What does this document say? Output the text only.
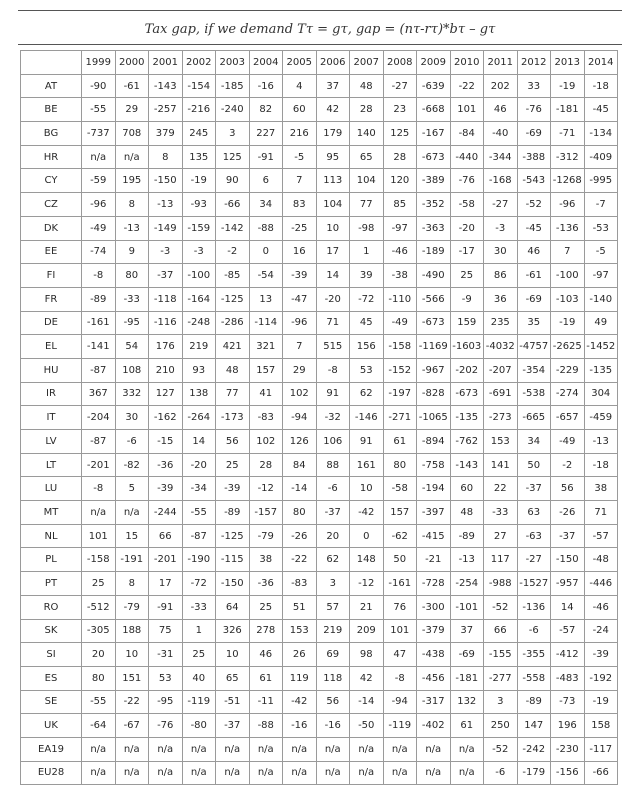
Tax gap, if we demand Ττ = gτ, gap = (nτ-rτ)*bτ – gτ
	1999	2000	2001	2002	2003	2004	2005	2006	2007	2008	2009	2010	2011	2012	2013	2014
AT	-90	-61	-143	-154	-185	-16	4	37	48	-27	-639	-22	202	33	-19	-18
BE	-55	29	-257	-216	-240	82	60	42	28	23	-668	101	46	-76	-181	-45
BG	-737	708	379	245	3	227	216	179	140	125	-167	-84	-40	-69	-71	-134
HR	n/a	n/a	8	135	125	-91	-5	95	65	28	-673	-440	-344	-388	-312	-409
CY	-59	195	-150	-19	90	6	7	113	104	120	-389	-76	-168	-543	-1268	-995
CZ	-96	8	-13	-93	-66	34	83	104	77	85	-352	-58	-27	-52	-96	-7
DK	-49	-13	-149	-159	-142	-88	-25	10	-98	-97	-363	-20	-3	-45	-136	-53
EE	-74	9	-3	-3	-2	0	16	17	1	-46	-189	-17	30	46	7	-5
FI	-8	80	-37	-100	-85	-54	-39	14	39	-38	-490	25	86	-61	-100	-97
FR	-89	-33	-118	-164	-125	13	-47	-20	-72	-110	-566	-9	36	-69	-103	-140
DE	-161	-95	-116	-248	-286	-114	-96	71	45	-49	-673	159	235	35	-19	49
EL	-141	54	176	219	421	321	7	515	156	-158	-1169	-1603	-4032	-4757	-2625	-1452
HU	-87	108	210	93	48	157	29	-8	53	-152	-967	-202	-207	-354	-229	-135
IR	367	332	127	138	77	41	102	91	62	-197	-828	-673	-691	-538	-274	304
IT	-204	30	-162	-264	-173	-83	-94	-32	-146	-271	-1065	-135	-273	-665	-657	-459
LV	-87	-6	-15	14	56	102	126	106	91	61	-894	-762	153	34	-49	-13
LT	-201	-82	-36	-20	25	28	84	88	161	80	-758	-143	141	50	-2	-18
LU	-8	5	-39	-34	-39	-12	-14	-6	10	-58	-194	60	22	-37	56	38
MT	n/a	n/a	-244	-55	-89	-157	80	-37	-42	157	-397	48	-33	63	-26	71
NL	101	15	66	-87	-125	-79	-26	20	0	-62	-415	-89	27	-63	-37	-57
PL	-158	-191	-201	-190	-115	38	-22	62	148	50	-21	-13	117	-27	-150	-48
PT	25	8	17	-72	-150	-36	-83	3	-12	-161	-728	-254	-988	-1527	-957	-446
RO	-512	-79	-91	-33	64	25	51	57	21	76	-300	-101	-52	-136	14	-46
SK	-305	188	75	1	326	278	153	219	209	101	-379	37	66	-6	-57	-24
SI	20	10	-31	25	10	46	26	69	98	47	-438	-69	-155	-355	-412	-39
ES	80	151	53	40	65	61	119	118	42	-8	-456	-181	-277	-558	-483	-192
SE	-55	-22	-95	-119	-51	-11	-42	56	-14	-94	-317	132	3	-89	-73	-19
UK	-64	-67	-76	-80	-37	-88	-16	-16	-50	-119	-402	61	250	147	196	158
EA19	n/a	n/a	n/a	n/a	n/a	n/a	n/a	n/a	n/a	n/a	n/a	n/a	-52	-242	-230	-117
EU28	n/a	n/a	n/a	n/a	n/a	n/a	n/a	n/a	n/a	n/a	n/a	n/a	-6	-179	-156	-66
